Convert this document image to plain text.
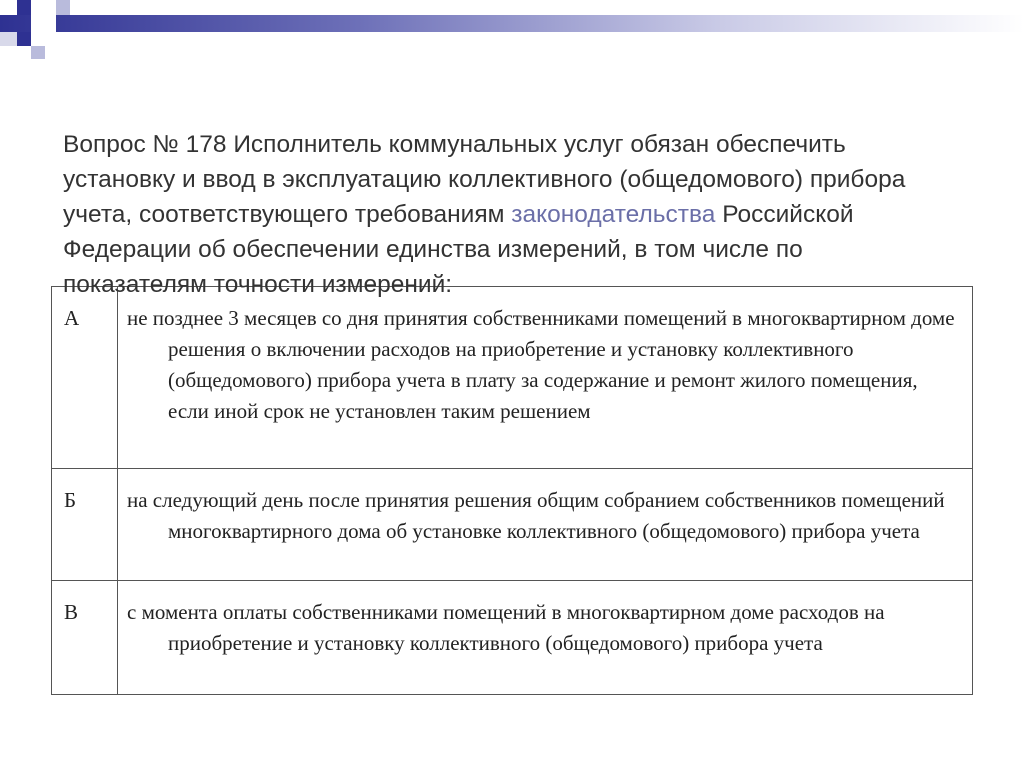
Вопрос № 178 Исполнитель коммунальных услуг обязан обеспечить установку и ввод в эксплуатацию коллективного (общедомового) прибора учета, соответствующего требованиям законодательства Российской Федерации об обеспечении единства измерений, в том числе по показателям точности измерений:
А	не позднее 3 месяцев со дня принятия собственниками помещений в многоквартирном доме решения о включении расходов на приобретение и установку коллективного (общедомового) прибора учета в плату за содержание и ремонт жилого помещения, если иной срок не установлен таким решением

Б	на следующий день после принятия решения общим собранием собственников помещений многоквартирного дома об установке коллективного (общедомового) прибора учета

В	с момента оплаты собственниками помещений в многоквартирном доме расходов на приобретение и установку коллективного (общедомового) прибора учета
